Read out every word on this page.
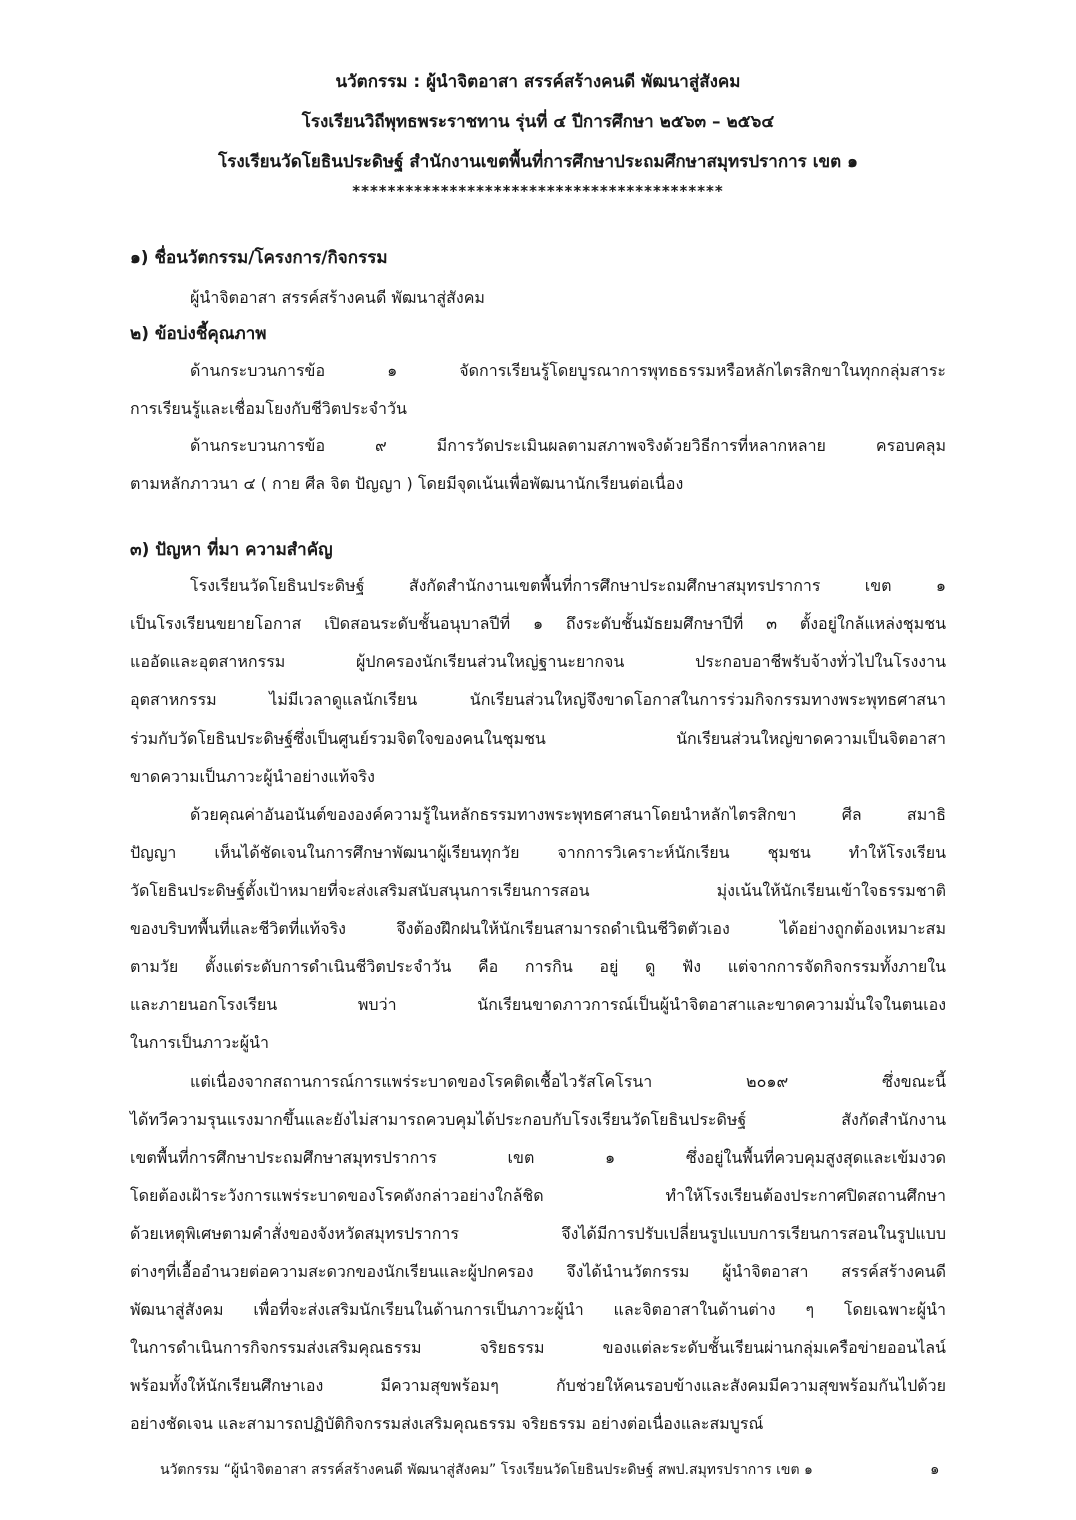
นวัตกรรม : ผู้นำจิตอาสา สรรค์สร้างคนดี พัฒนาสู่สังคม
โรงเรียนวิถีพุทธพระราชทาน รุ่นที่ ๔ ปีการศึกษา ๒๕๖๓ – ๒๕๖๔
โรงเรียนวัดโยธินประดิษฐ์ สำนักงานเขตพื้นที่การศึกษาประถมศึกษาสมุทรปราการ เขต ๑
******************************************
๑) ชื่อนวัตกรรม/โครงการ/กิจกรรม
ผู้นำจิตอาสา สรรค์สร้างคนดี พัฒนาสู่สังคม
๒) ข้อบ่งชี้คุณภาพ
ด้านกระบวนการข้อ ๑ จัดการเรียนรู้โดยบูรณาการพุทธธรรมหรือหลักไตรสิกขาในทุกกลุ่มสาระ
การเรียนรู้และเชื่อมโยงกับชีวิตประจำวัน
ด้านกระบวนการข้อ ๙ มีการวัดประเมินผลตามสภาพจริงด้วยวิธีการที่หลากหลาย ครอบคลุม
ตามหลักภาวนา ๔ ( กาย ศีล จิต ปัญญา ) โดยมีจุดเน้นเพื่อพัฒนานักเรียนต่อเนื่อง
๓) ปัญหา ที่มา ความสำคัญ
โรงเรียนวัดโยธินประดิษฐ์ สังกัดสำนักงานเขตพื้นที่การศึกษาประถมศึกษาสมุทรปราการ เขต ๑
เป็นโรงเรียนขยายโอกาส เปิดสอนระดับชั้นอนุบาลปีที่ ๑ ถึงระดับชั้นมัธยมศึกษาปีที่ ๓ ตั้งอยู่ใกล้แหล่งชุมชน
แออัดและอุตสาหกรรม ผู้ปกครองนักเรียนส่วนใหญ่ฐานะยากจน ประกอบอาชีพรับจ้างทั่วไปในโรงงาน
อุตสาหกรรม ไม่มีเวลาดูแลนักเรียน นักเรียนส่วนใหญ่จึงขาดโอกาสในการร่วมกิจกรรมทางพระพุทธศาสนา
ร่วมกับวัดโยธินประดิษฐ์ซึ่งเป็นศูนย์รวมจิตใจของคนในชุมชน นักเรียนส่วนใหญ่ขาดความเป็นจิตอาสา
ขาดความเป็นภาวะผู้นำอย่างแท้จริง
ด้วยคุณค่าอันอนันต์ขององค์ความรู้ในหลักธรรมทางพระพุทธศาสนาโดยนำหลักไตรสิกขา ศีล สมาธิ
ปัญญา เห็นได้ชัดเจนในการศึกษาพัฒนาผู้เรียนทุกวัย จากการวิเคราะห์นักเรียน ชุมชน ทำให้โรงเรียน
วัดโยธินประดิษฐ์ตั้งเป้าหมายที่จะส่งเสริมสนับสนุนการเรียนการสอน มุ่งเน้นให้นักเรียนเข้าใจธรรมชาติ
ของบริบทพื้นที่และชีวิตที่แท้จริง จึงต้องฝึกฝนให้นักเรียนสามารถดำเนินชีวิตตัวเอง ได้อย่างถูกต้องเหมาะสม
ตามวัย ตั้งแต่ระดับการดำเนินชีวิตประจำวัน คือ การกิน อยู่ ดู ฟัง แต่จากการจัดกิจกรรมทั้งภายใน
และภายนอกโรงเรียน พบว่า นักเรียนขาดภาวการณ์เป็นผู้นำจิตอาสาและขาดความมั่นใจในตนเอง
ในการเป็นภาวะผู้นำ
แต่เนื่องจากสถานการณ์การแพร่ระบาดของโรคติดเชื้อไวรัสโคโรนา ๒๐๑๙ ซึ่งขณะนี้
ได้ทวีความรุนแรงมากขึ้นและยังไม่สามารถควบคุมได้ประกอบกับโรงเรียนวัดโยธินประดิษฐ์ สังกัดสำนักงาน
เขตพื้นที่การศึกษาประถมศึกษาสมุทรปราการ เขต ๑ ซึ่งอยู่ในพื้นที่ควบคุมสูงสุดและเข้มงวด
โดยต้องเฝ้าระวังการแพร่ระบาดของโรคดังกล่าวอย่างใกล้ชิด ทำให้โรงเรียนต้องประกาศปิดสถานศึกษา
ด้วยเหตุพิเศษตามคำสั่งของจังหวัดสมุทรปราการ จึงได้มีการปรับเปลี่ยนรูปแบบการเรียนการสอนในรูปแบบ
ต่างๆที่เอื้ออำนวยต่อความสะดวกของนักเรียนและผู้ปกครอง จึงได้นำนวัตกรรม ผู้นำจิตอาสา สรรค์สร้างคนดี
พัฒนาสู่สังคม เพื่อที่จะส่งเสริมนักเรียนในด้านการเป็นภาวะผู้นำ และจิตอาสาในด้านต่าง ๆ โดยเฉพาะผู้นำ
ในการดำเนินการกิจกรรมส่งเสริมคุณธรรม จริยธรรม ของแต่ละระดับชั้นเรียนผ่านกลุ่มเครือข่ายออนไลน์
พร้อมทั้งให้นักเรียนศึกษาเอง มีความสุขพร้อมๆ กับช่วยให้คนรอบข้างและสังคมมีความสุขพร้อมกันไปด้วย
อย่างชัดเจน และสามารถปฏิบัติกิจกรรมส่งเสริมคุณธรรม จริยธรรม อย่างต่อเนื่องและสมบูรณ์
นวัตกรรม “ผู้นำจิตอาสา สรรค์สร้างคนดี พัฒนาสู่สังคม” โรงเรียนวัดโยธินประดิษฐ์ สพป.สมุทรปราการ เขต ๑	๑
